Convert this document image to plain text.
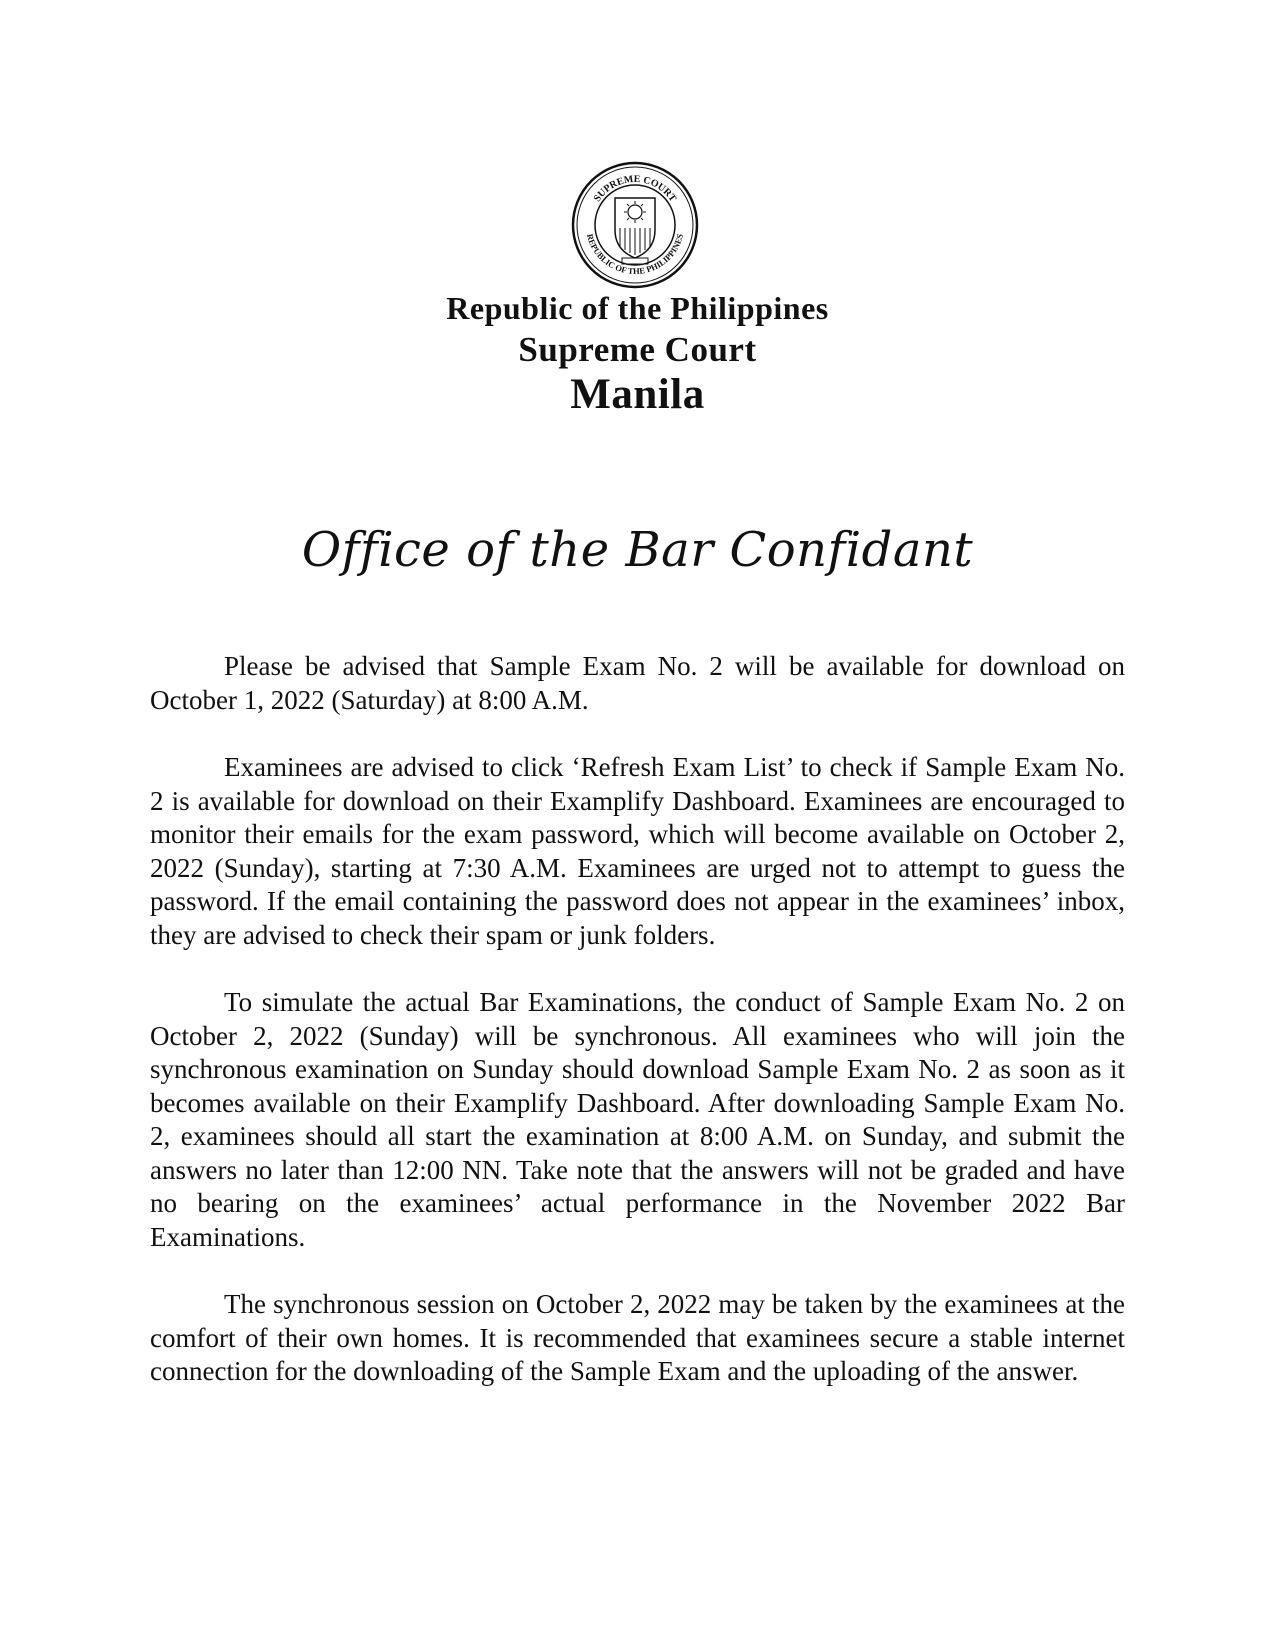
SUPREME COURT
REPUBLIC OF THE PHILIPPINES
Republic of the Philippines
Supreme Court
Manila
Office of the Bar Confidant

Please be advised that Sample Exam No. 2 will be available for download on October 1, 2022 (Saturday) at 8:00 A.M.

Examinees are advised to click ‘Refresh Exam List’ to check if Sample Exam No. 2 is available for download on their Examplify Dashboard. Examinees are encouraged to monitor their emails for the exam password, which will become available on October 2, 2022 (Sunday), starting at 7:30 A.M. Examinees are urged not to attempt to guess the password. If the email containing the password does not appear in the examinees’ inbox, they are advised to check their spam or junk folders.

To simulate the actual Bar Examinations, the conduct of Sample Exam No. 2 on October 2, 2022 (Sunday) will be synchronous. All examinees who will join the synchronous examination on Sunday should download Sample Exam No. 2 as soon as it becomes available on their Examplify Dashboard. After downloading Sample Exam No. 2, examinees should all start the examination at 8:00 A.M. on Sunday, and submit the answers no later than 12:00 NN. Take note that the answers will not be graded and have no bearing on the examinees’ actual performance in the November 2022 Bar Examinations.

The synchronous session on October 2, 2022 may be taken by the examinees at the comfort of their own homes. It is recommended that examinees secure a stable internet connection for the downloading of the Sample Exam and the uploading of the answer.
